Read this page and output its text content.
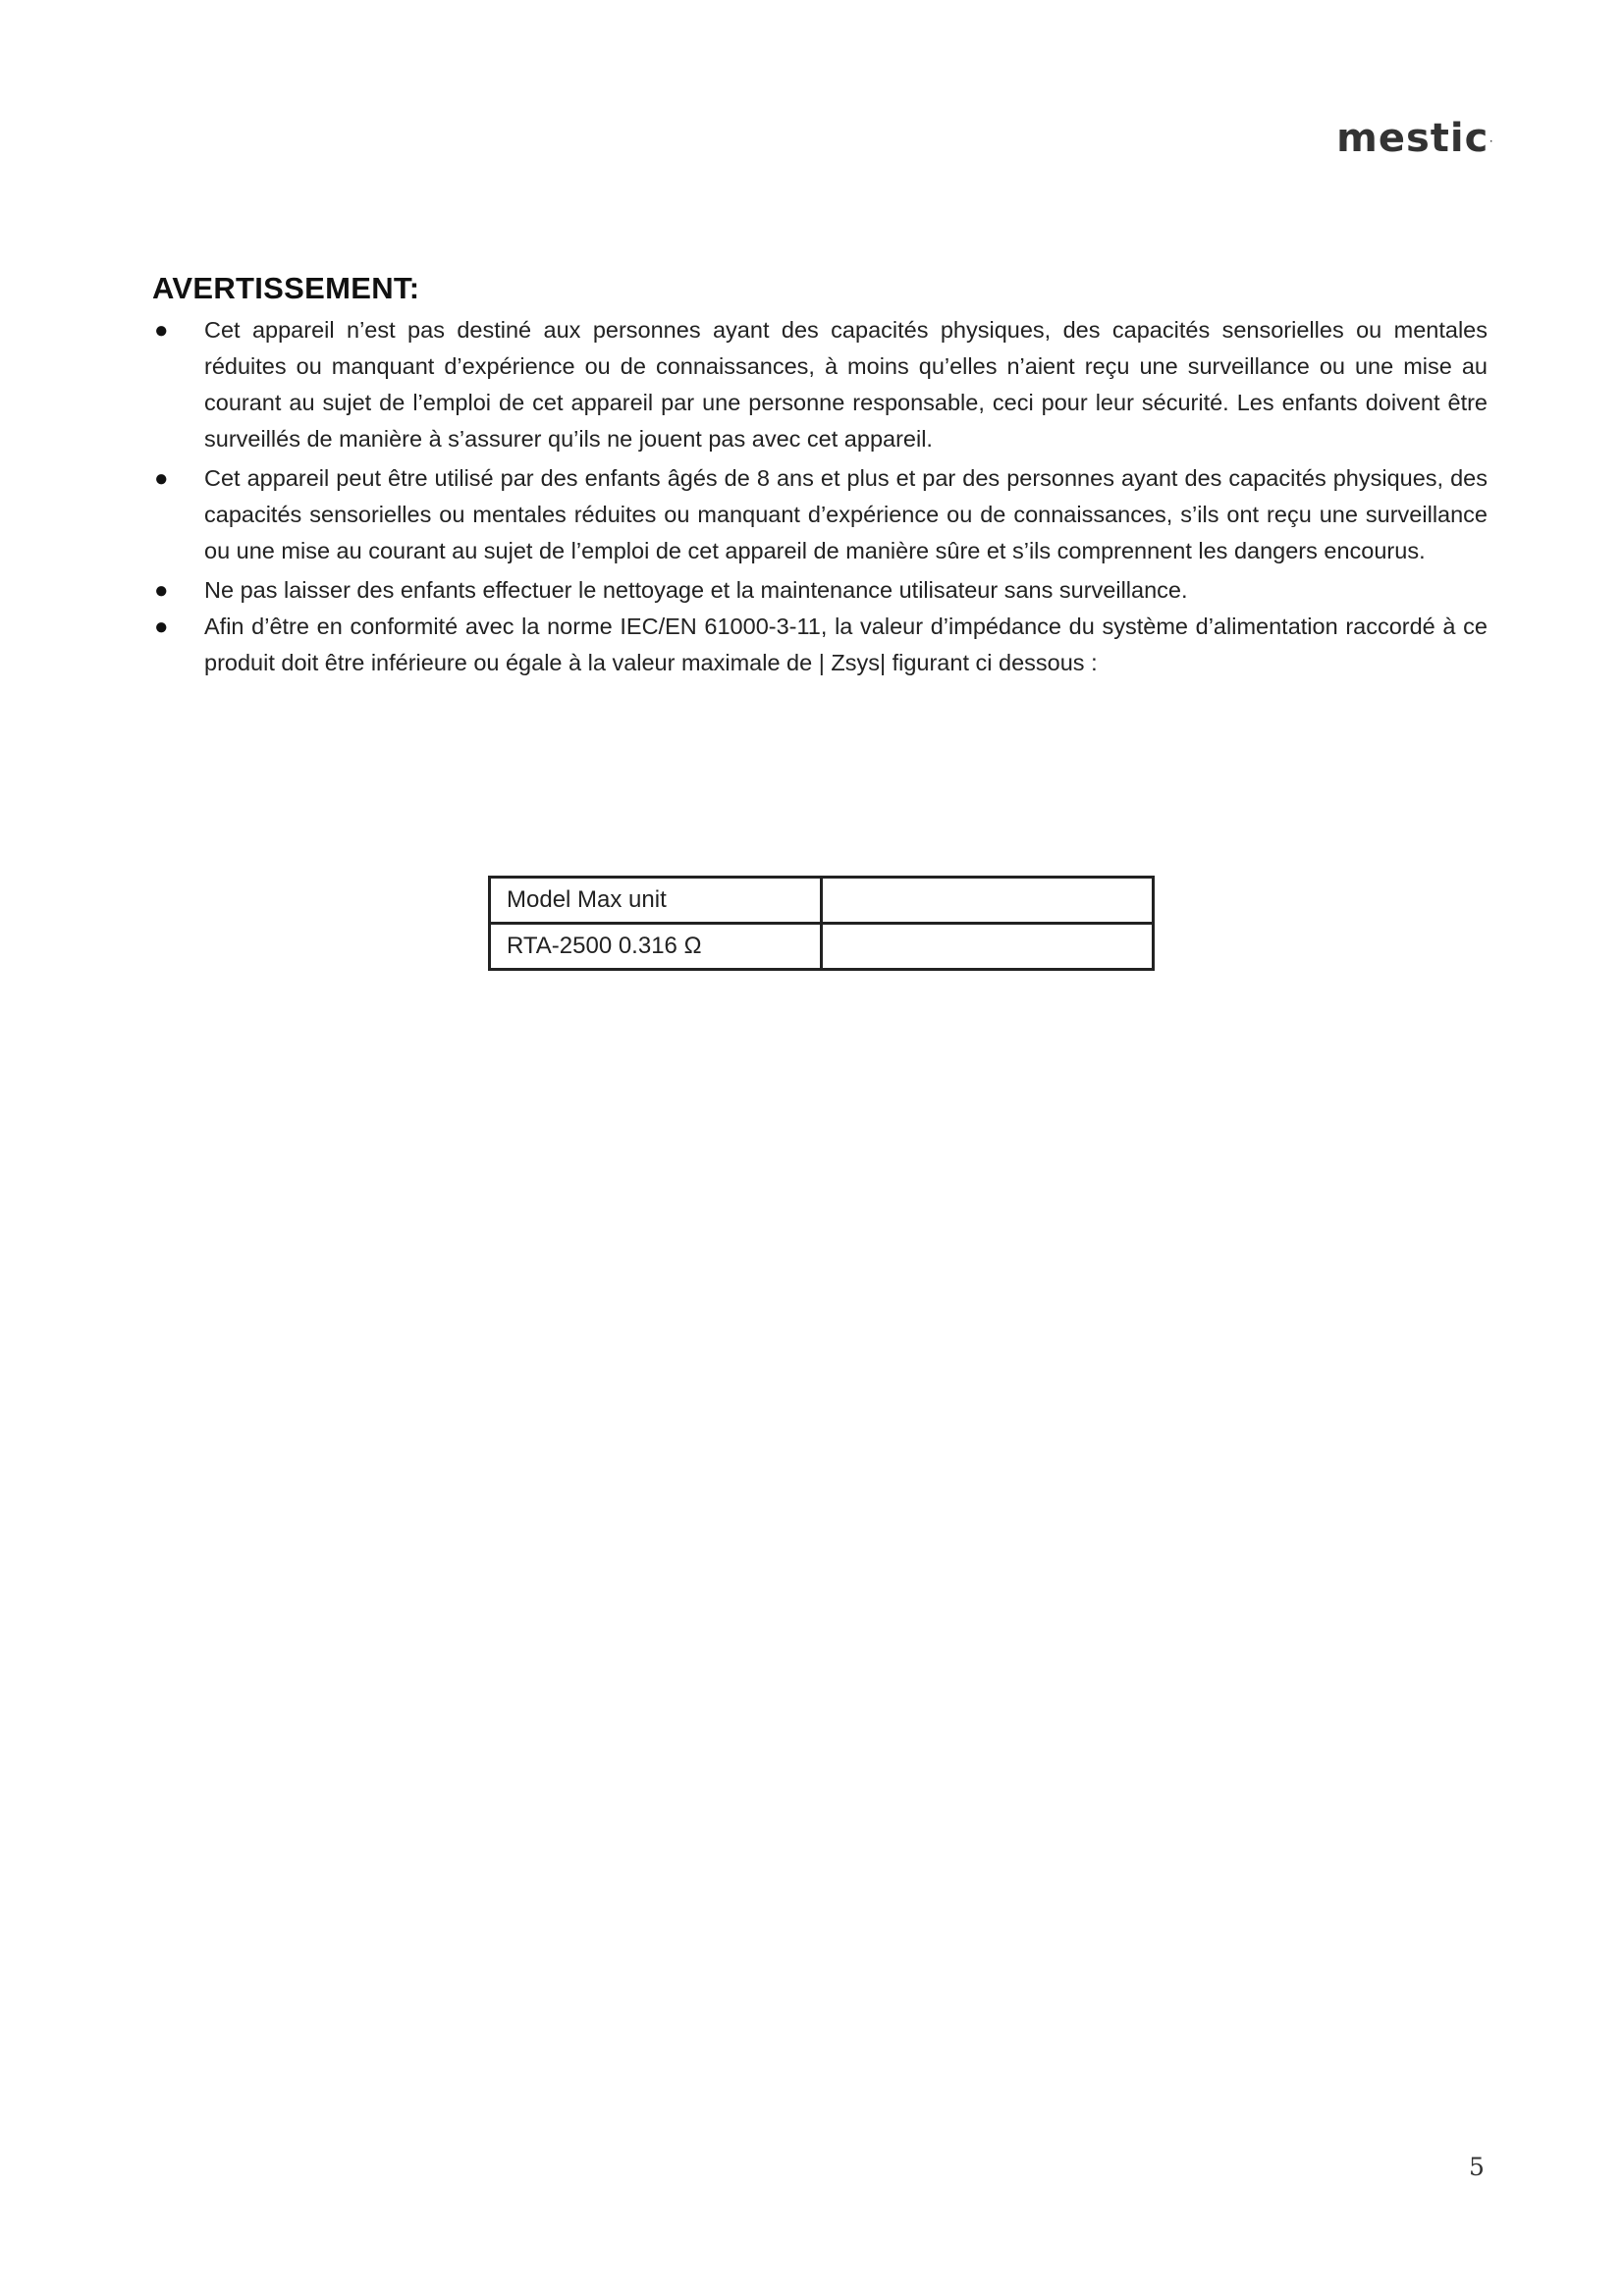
mestic·
AVERTISSEMENT:
● Cet appareil n’est pas destiné aux personnes ayant des capacités physiques, des capacités sensorielles ou mentales réduites ou manquant d’expérience ou de connaissances, à moins qu’elles n’aient reçu une surveillance ou une mise au courant au sujet de l’emploi de cet appareil par une personne responsable, ceci pour leur sécurité. Les enfants doivent être surveillés de manière à s’assurer qu’ils ne jouent pas avec cet appareil.
● Cet appareil peut être utilisé par des enfants âgés de 8 ans et plus et par des personnes ayant des capacités physiques, des capacités sensorielles ou mentales réduites ou manquant d’expérience ou de connaissances, s’ils ont reçu une surveillance ou une mise au courant au sujet de l’emploi de cet appareil de manière sûre et s’ils comprennent les dangers encourus.
● Ne pas laisser des enfants effectuer le nettoyage et la maintenance utilisateur sans surveillance.
● Afin d’être en conformité avec la norme IEC/EN 61000-3-11, la valeur d’impédance du système d’alimentation raccordé à ce produit doit être inférieure ou égale à la valeur maximale de | Zsys| figurant ci dessous :
Model Max unit	
RTA-2500 0.316 Ω	
5
